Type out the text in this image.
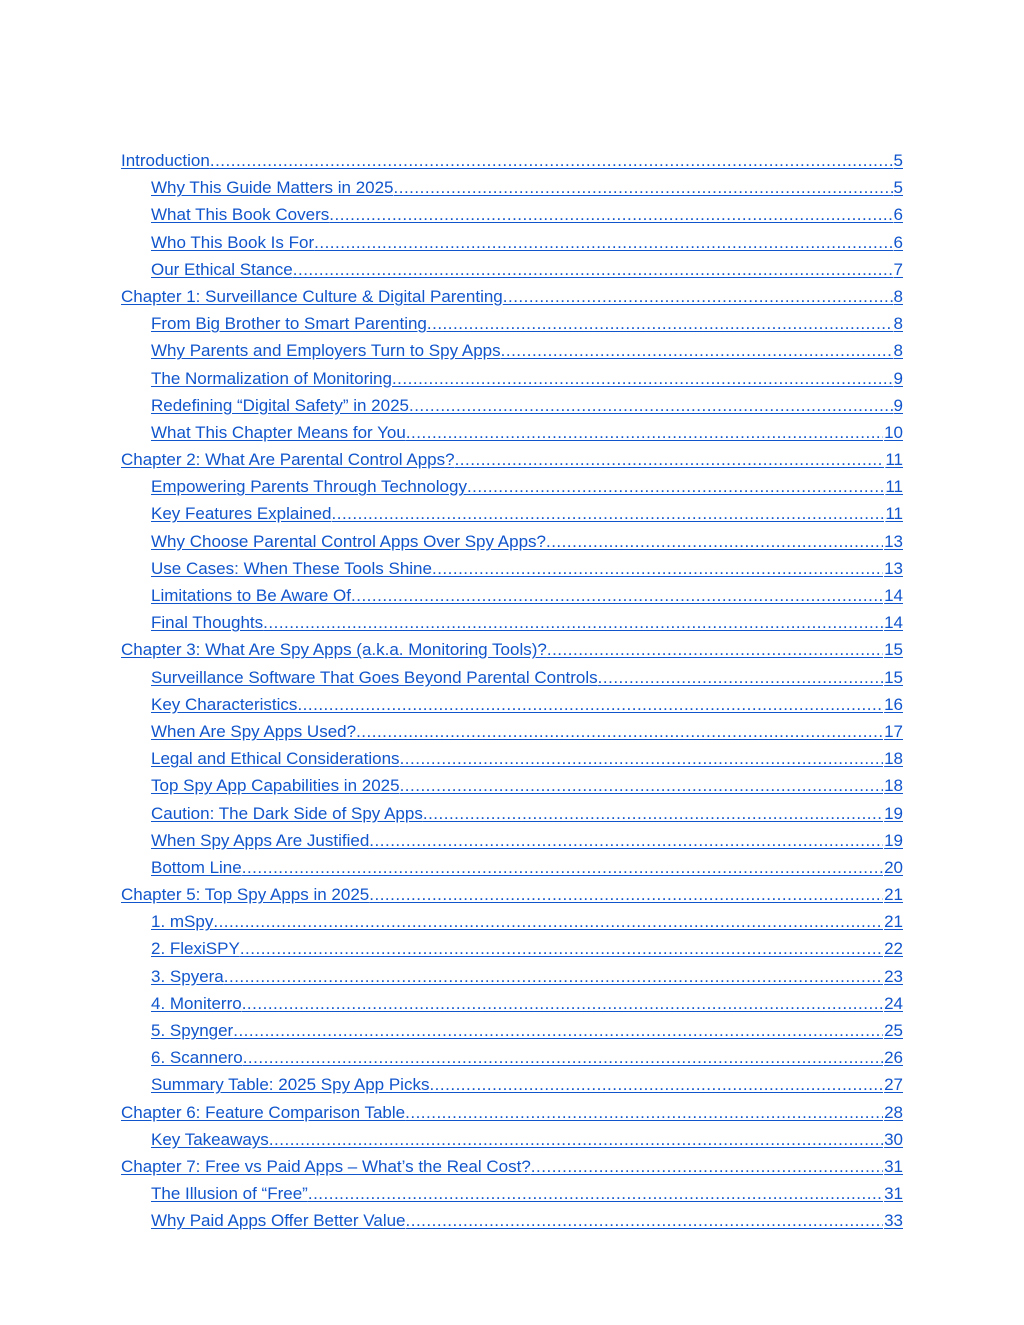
Introduction .....	5
Why This Guide Matters in 2025 .....	5
What This Book Covers .....	6
Who This Book Is For .....	6
Our Ethical Stance .....	7
Chapter 1: Surveillance Culture & Digital Parenting .....	8
From Big Brother to Smart Parenting .....	8
Why Parents and Employers Turn to Spy Apps .....	8
The Normalization of Monitoring .....	9
Redefining “Digital Safety” in 2025 .....	9
What This Chapter Means for You .....	10
Chapter 2: What Are Parental Control Apps? .....	11
Empowering Parents Through Technology .....	11
Key Features Explained .....	11
Why Choose Parental Control Apps Over Spy Apps? .....	13
Use Cases: When These Tools Shine .....	13
Limitations to Be Aware Of .....	14
Final Thoughts .....	14
Chapter 3: What Are Spy Apps (a.k.a. Monitoring Tools)? .....	15
Surveillance Software That Goes Beyond Parental Controls .....	15
Key Characteristics .....	16
When Are Spy Apps Used? .....	17
Legal and Ethical Considerations .....	18
Top Spy App Capabilities in 2025 .....	18
Caution: The Dark Side of Spy Apps .....	19
When Spy Apps Are Justified .....	19
Bottom Line .....	20
Chapter 5: Top Spy Apps in 2025 .....	21
1. mSpy .....	21
2. FlexiSPY .....	22
3. Spyera .....	23
4. Moniterro .....	24
5. Spynger .....	25
6. Scannero .....	26
Summary Table: 2025 Spy App Picks .....	27
Chapter 6: Feature Comparison Table .....	28
Key Takeaways .....	30
Chapter 7: Free vs Paid Apps – What’s the Real Cost? .....	31
The Illusion of “Free” .....	31
Why Paid Apps Offer Better Value .....	33
